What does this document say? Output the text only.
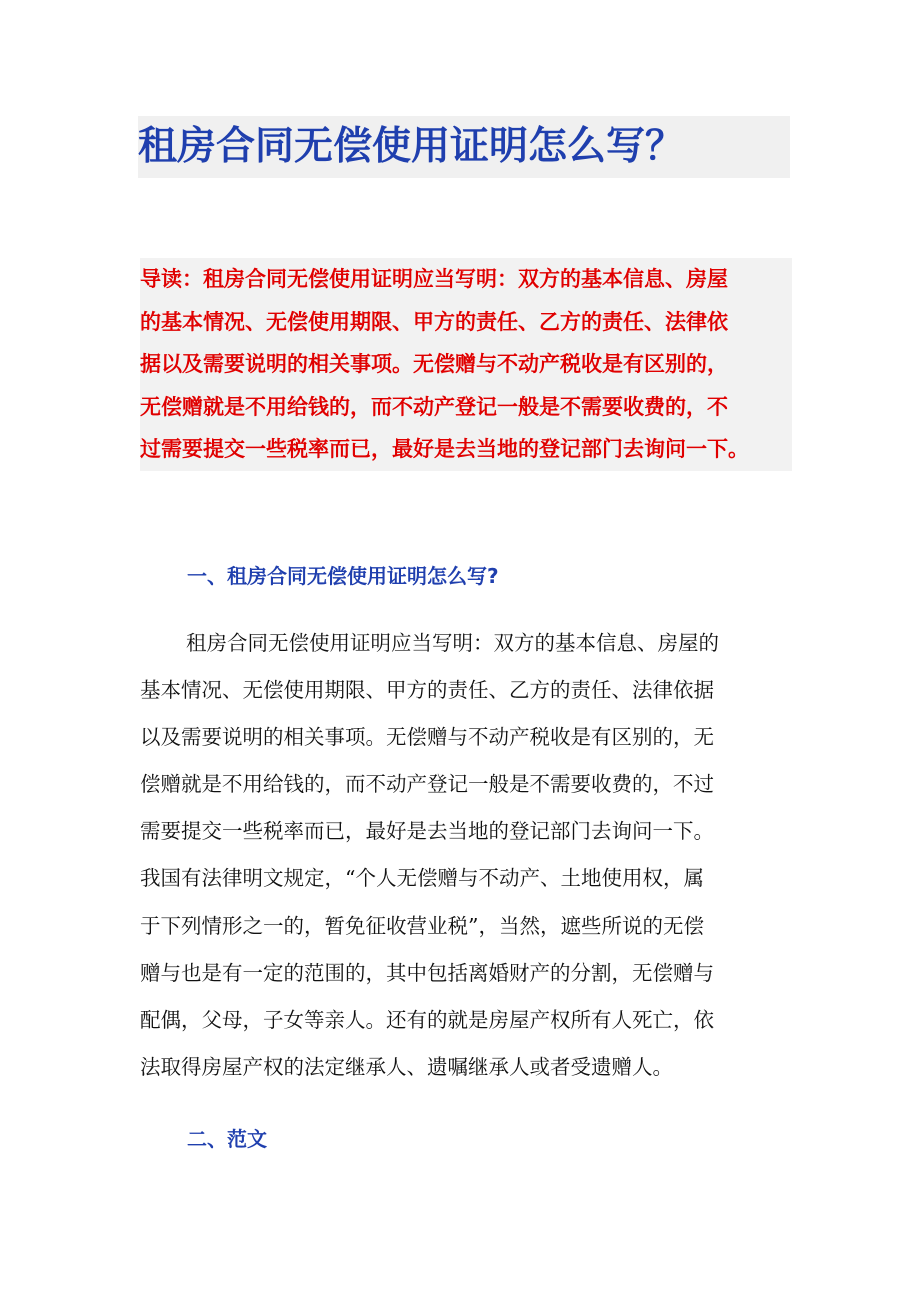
租房合同无偿使用证明怎么写？
导读：租房合同无偿使用证明应当写明：双方的基本信息、房屋
的基本情况、无偿使用期限、甲方的责任、乙方的责任、法律依
据以及需要说明的相关事项。无偿赠与不动产税收是有区别的，
无偿赠就是不用给钱的，而不动产登记一般是不需要收费的，不
过需要提交一些税率而已，最好是去当地的登记部门去询问一下。
一、租房合同无偿使用证明怎么写?
租房合同无偿使用证明应当写明：双方的基本信息、房屋的
基本情况、无偿使用期限、甲方的责任、乙方的责任、法律依据
以及需要说明的相关事项。无偿赠与不动产税收是有区别的，无
偿赠就是不用给钱的，而不动产登记一般是不需要收费的，不过
需要提交一些税率而已，最好是去当地的登记部门去询问一下。
我国有法律明文规定，“个人无偿赠与不动产、土地使用权，属
于下列情形之一的，暂免征收营业税”，当然，遮些所说的无偿
赠与也是有一定的范围的，其中包括离婚财产的分割，无偿赠与
配偶，父母，子女等亲人。还有的就是房屋产权所有人死亡，依
法取得房屋产权的法定继承人、遗嘱继承人或者受遗赠人。
二、范文
